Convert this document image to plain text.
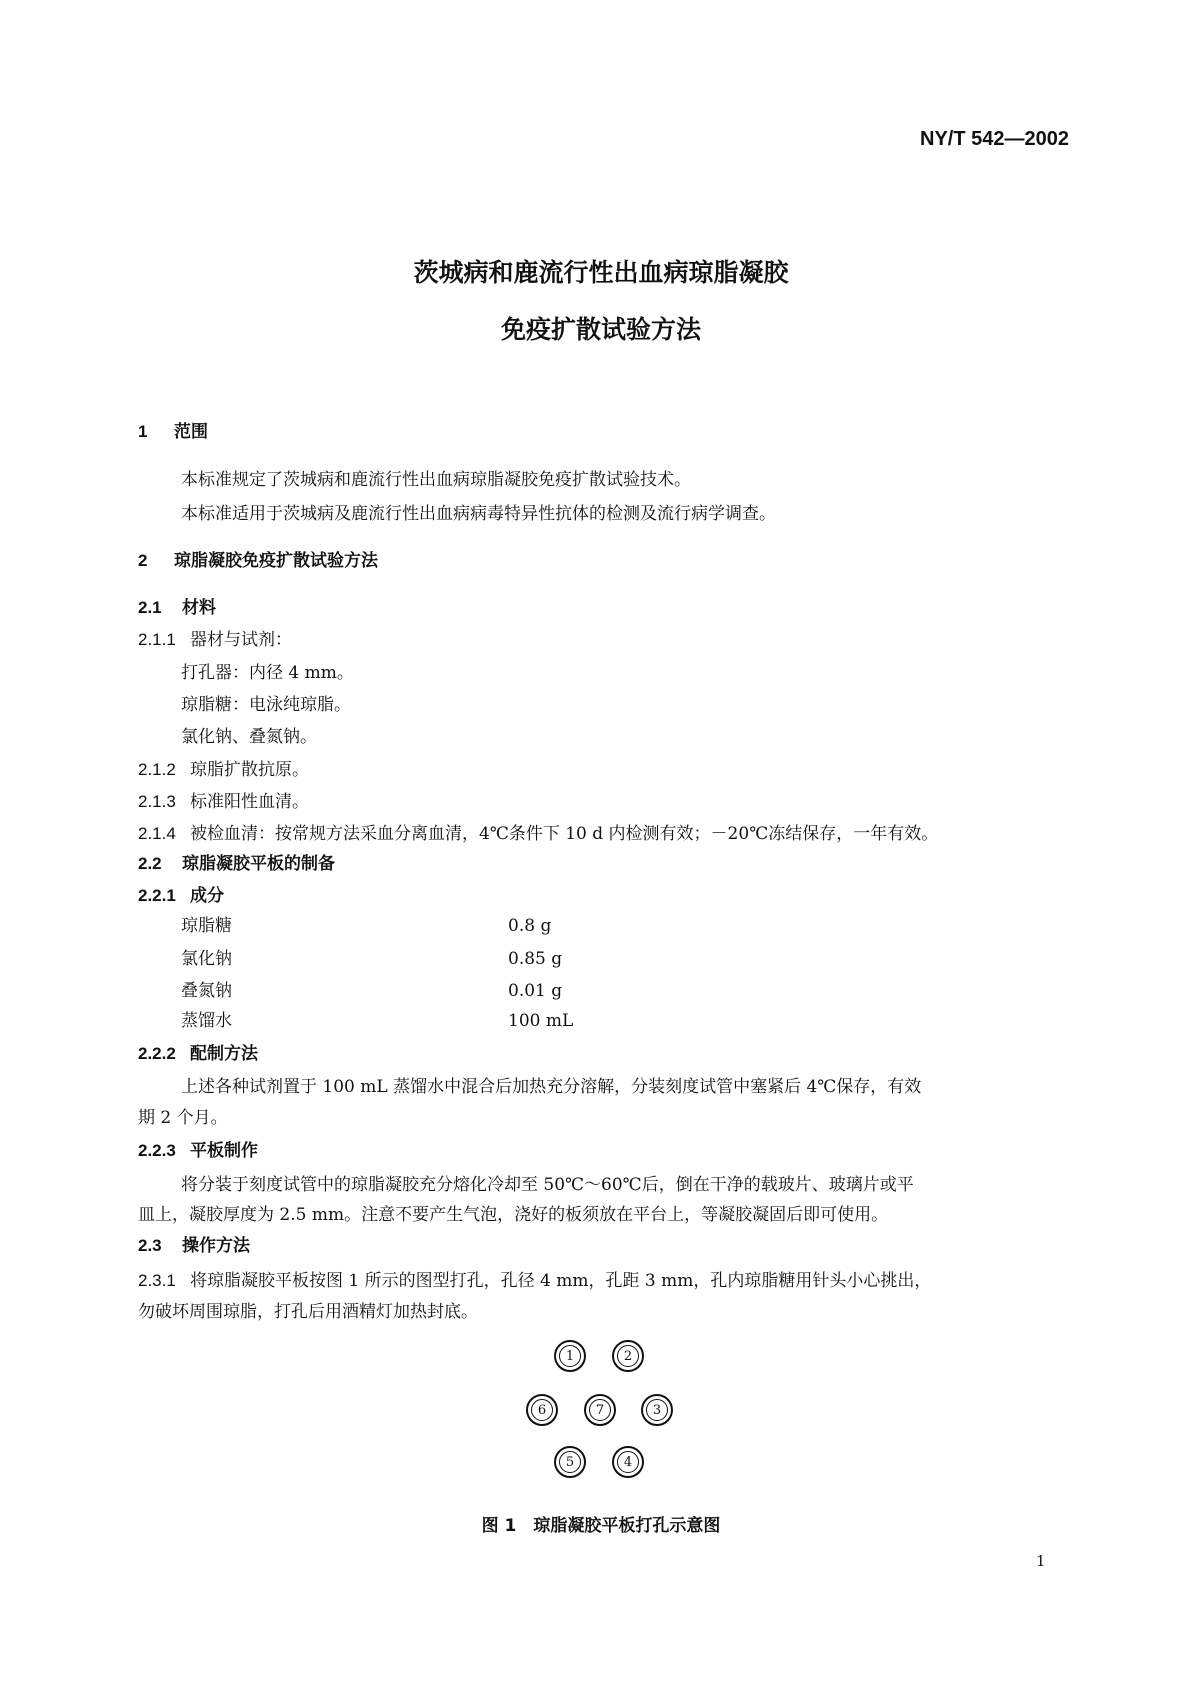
NY/T 542—2002
茨城病和鹿流行性出血病琼脂凝胶
免疫扩散试验方法
1 范围
本标准规定了茨城病和鹿流行性出血病琼脂凝胶免疫扩散试验技术。
本标准适用于茨城病及鹿流行性出血病病毒特异性抗体的检测及流行病学调查。
2 琼脂凝胶免疫扩散试验方法
2.1 材料
2.1.1 器材与试剂：
打孔器：内径 4 mm。
琼脂糖：电泳纯琼脂。
氯化钠、叠氮钠。
2.1.2 琼脂扩散抗原。
2.1.3 标准阳性血清。
2.1.4 被检血清：按常规方法采血分离血清，4℃条件下 10 d 内检测有效；－20℃冻结保存，一年有效。
2.2 琼脂凝胶平板的制备
2.2.1 成分
琼脂糖	0.8 g
氯化钠	0.85 g
叠氮钠	0.01 g
蒸馏水	100 mL
2.2.2 配制方法
上述各种试剂置于 100 mL 蒸馏水中混合后加热充分溶解，分装刻度试管中塞紧后 4℃保存，有效
期 2 个月。
2.2.3 平板制作
将分装于刻度试管中的琼脂凝胶充分熔化冷却至 50℃～60℃后，倒在干净的载玻片、玻璃片或平
皿上，凝胶厚度为 2.5 mm。注意不要产生气泡，浇好的板须放在平台上，等凝胶凝固后即可使用。
2.3 操作方法
2.3.1 将琼脂凝胶平板按图 1 所示的图型打孔，孔径 4 mm，孔距 3 mm，孔内琼脂糖用针头小心挑出，
勿破坏周围琼脂，打孔后用酒精灯加热封底。
1	2
6	7	3
5	4
图 1　琼脂凝胶平板打孔示意图
1
